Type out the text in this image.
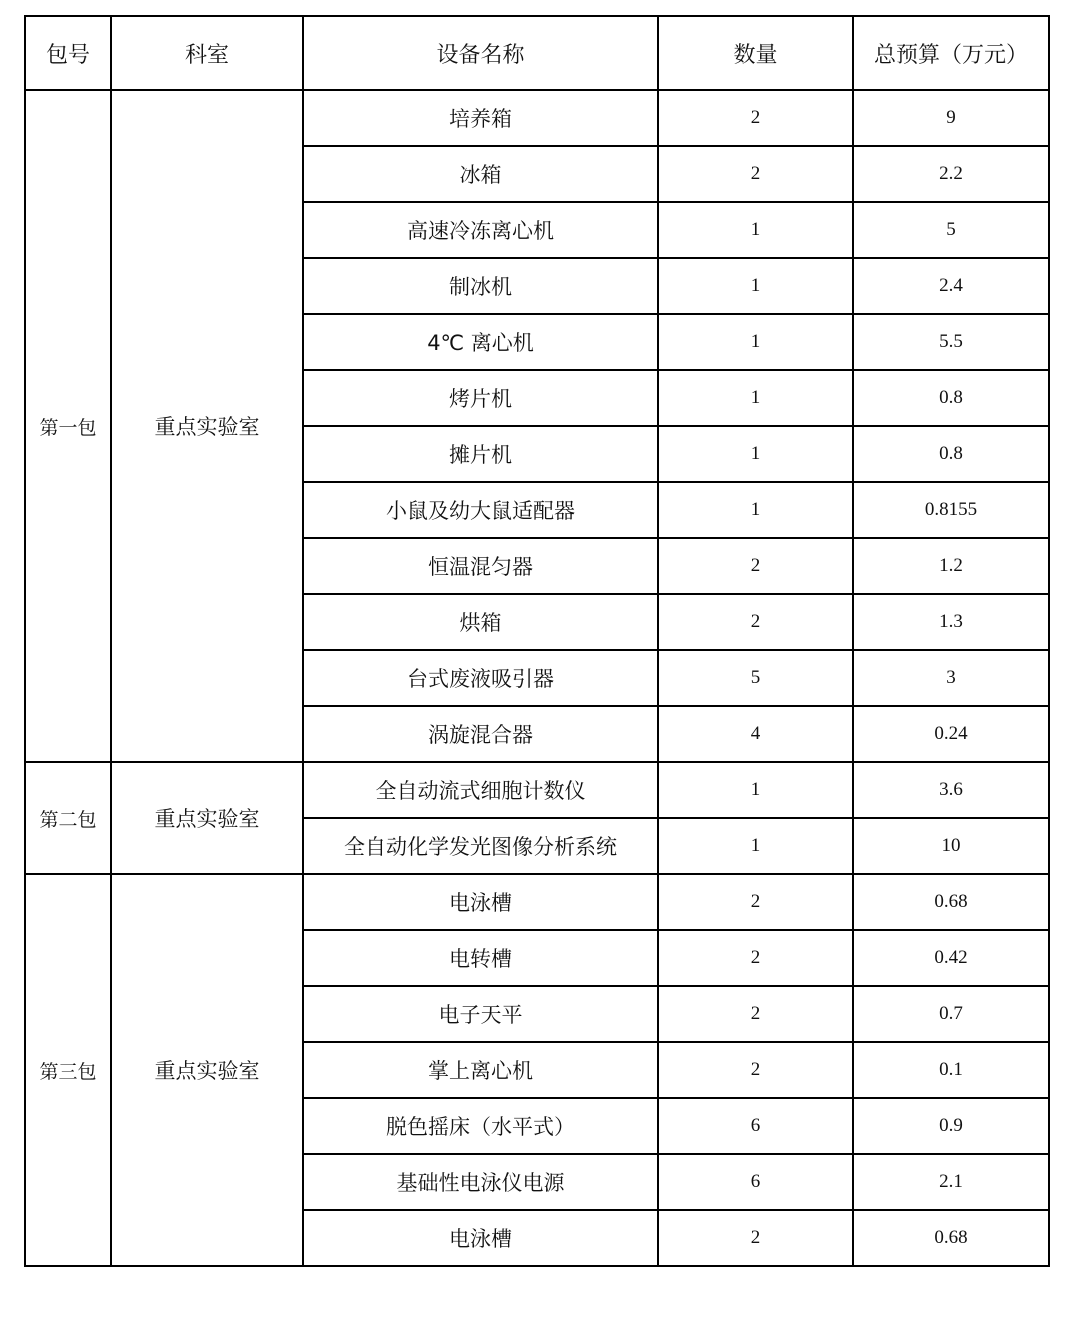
包号	科室	设备名称	数量	总预算（万元）
第一包	重点实验室	培养箱	2	9
		冰箱	2	2.2
		高速冷冻离心机	1	5
		制冰机	1	2.4
		4℃ 离心机	1	5.5
		烤片机	1	0.8
		摊片机	1	0.8
		小鼠及幼大鼠适配器	1	0.8155
		恒温混匀器	2	1.2
		烘箱	2	1.3
		台式废液吸引器	5	3
		涡旋混合器	4	0.24
第二包	重点实验室	全自动流式细胞计数仪	1	3.6
		全自动化学发光图像分析系统	1	10
第三包	重点实验室	电泳槽	2	0.68
		电转槽	2	0.42
		电子天平	2	0.7
		掌上离心机	2	0.1
		脱色摇床（水平式）	6	0.9
		基础性电泳仪电源	6	2.1
		电泳槽	2	0.68
